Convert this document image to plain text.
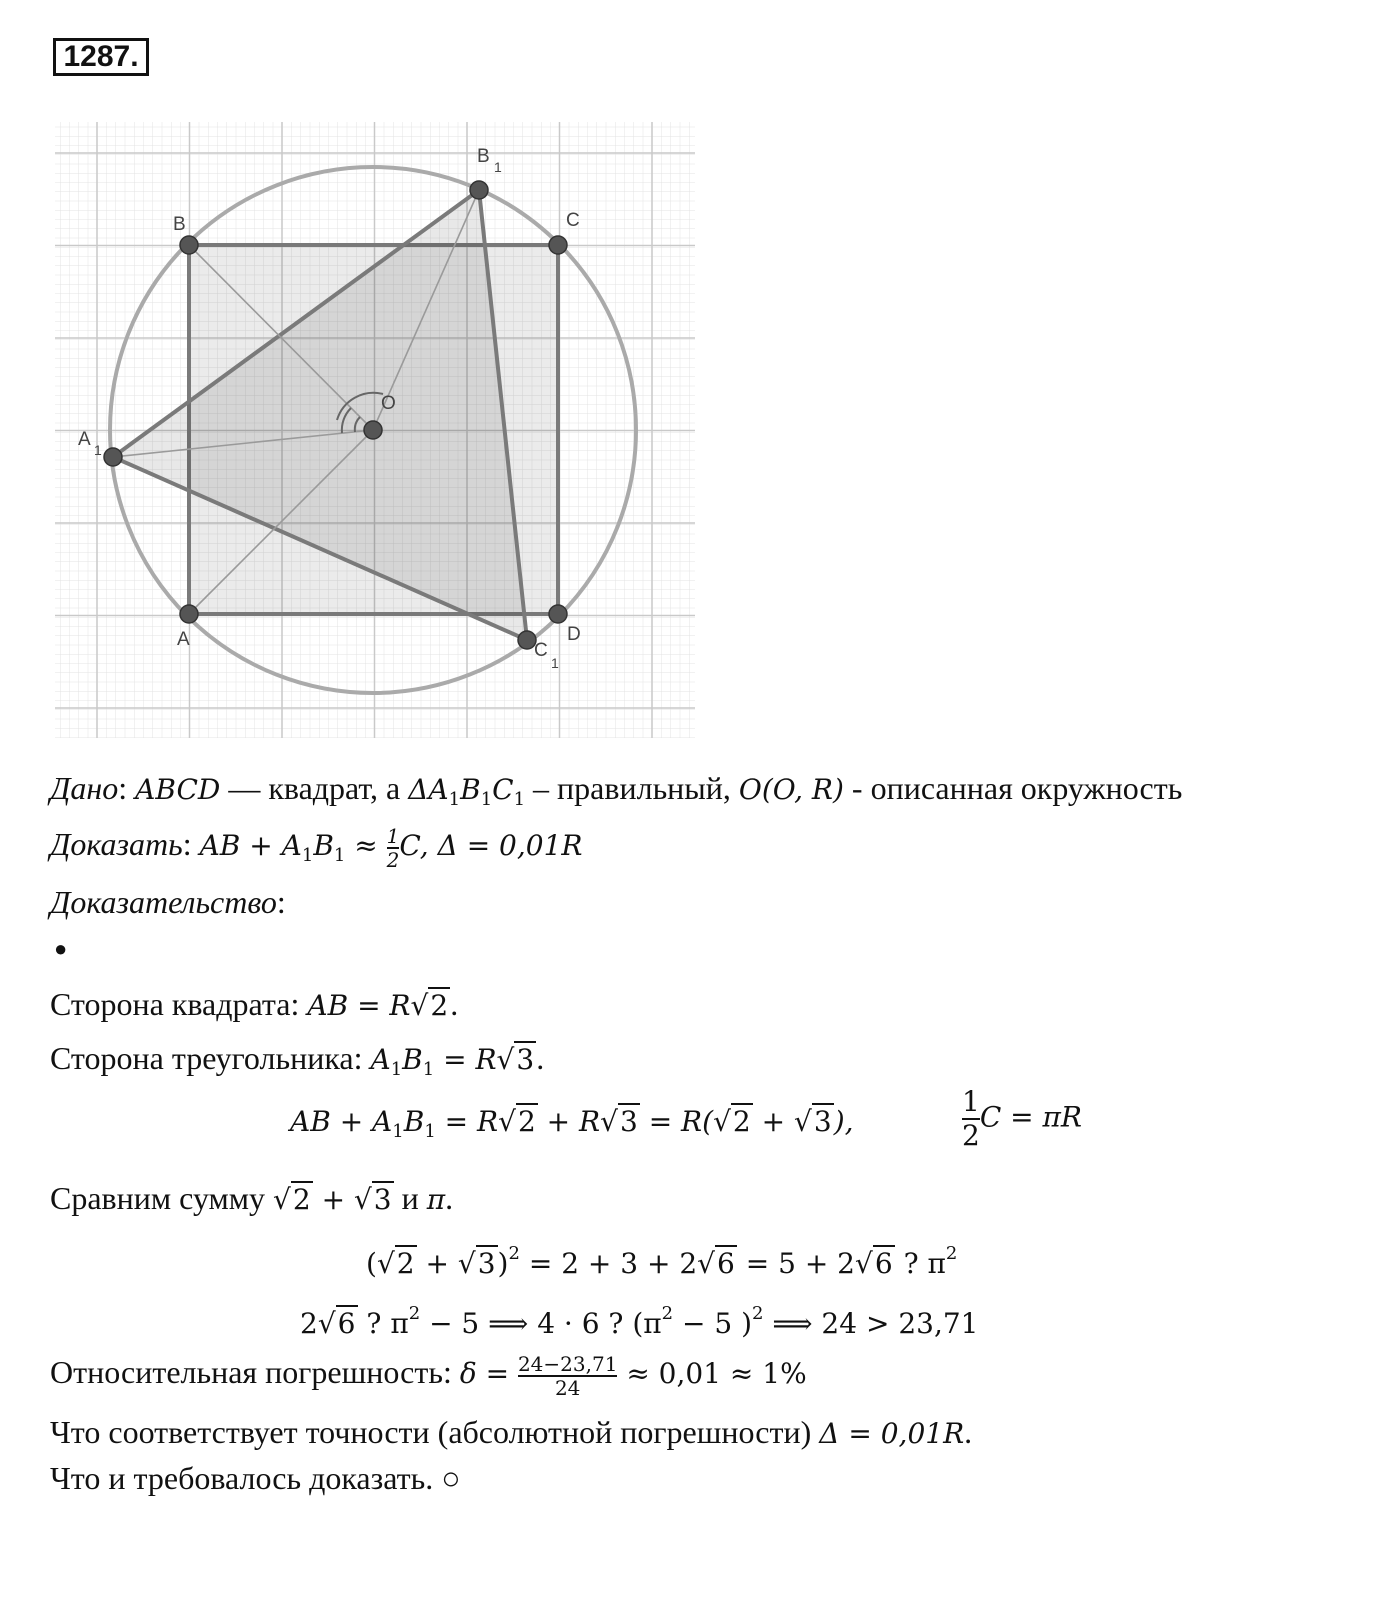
1287.
B	C
D
A
O
A 1
B 1
C
1
Дано: ABCD — квадрат, а $\Delta A_1B_1C_1$ – правильный, O(O, R) - описанная окружность
Доказать: AB + $A_1B_1 \approx \frac{1}{2} C$, Δ = 0,01R
Доказательство:
●
Сторона квадрата: AB = R√2.
Сторона треугольника: $A_1B_1 = R√3$.
AB + $A_1B_1 = R√2 + R√3 = R(√2 + √3)$,	$\frac{1}{2}$ C = πR
Сравним сумму √2 + √3 и π.
$(√2 + √3)^2 = 2 + 3 + 2√6 = 5 + 2√6$ ? $\pi^2$
2√6 ? $\pi^2 - 5$ ⟹ 4 · 6 ? ($\pi^2 - 5$ )$^2$ ⟹ 24 > 23,71
Относительная погрешность: $\delta = \frac{24-23,71}{24} \approx 0,01 \approx 1\%$
Что соответствует точности (абсолютной погрешности) Δ = 0,01R.
Что и требовалось доказать. ○
